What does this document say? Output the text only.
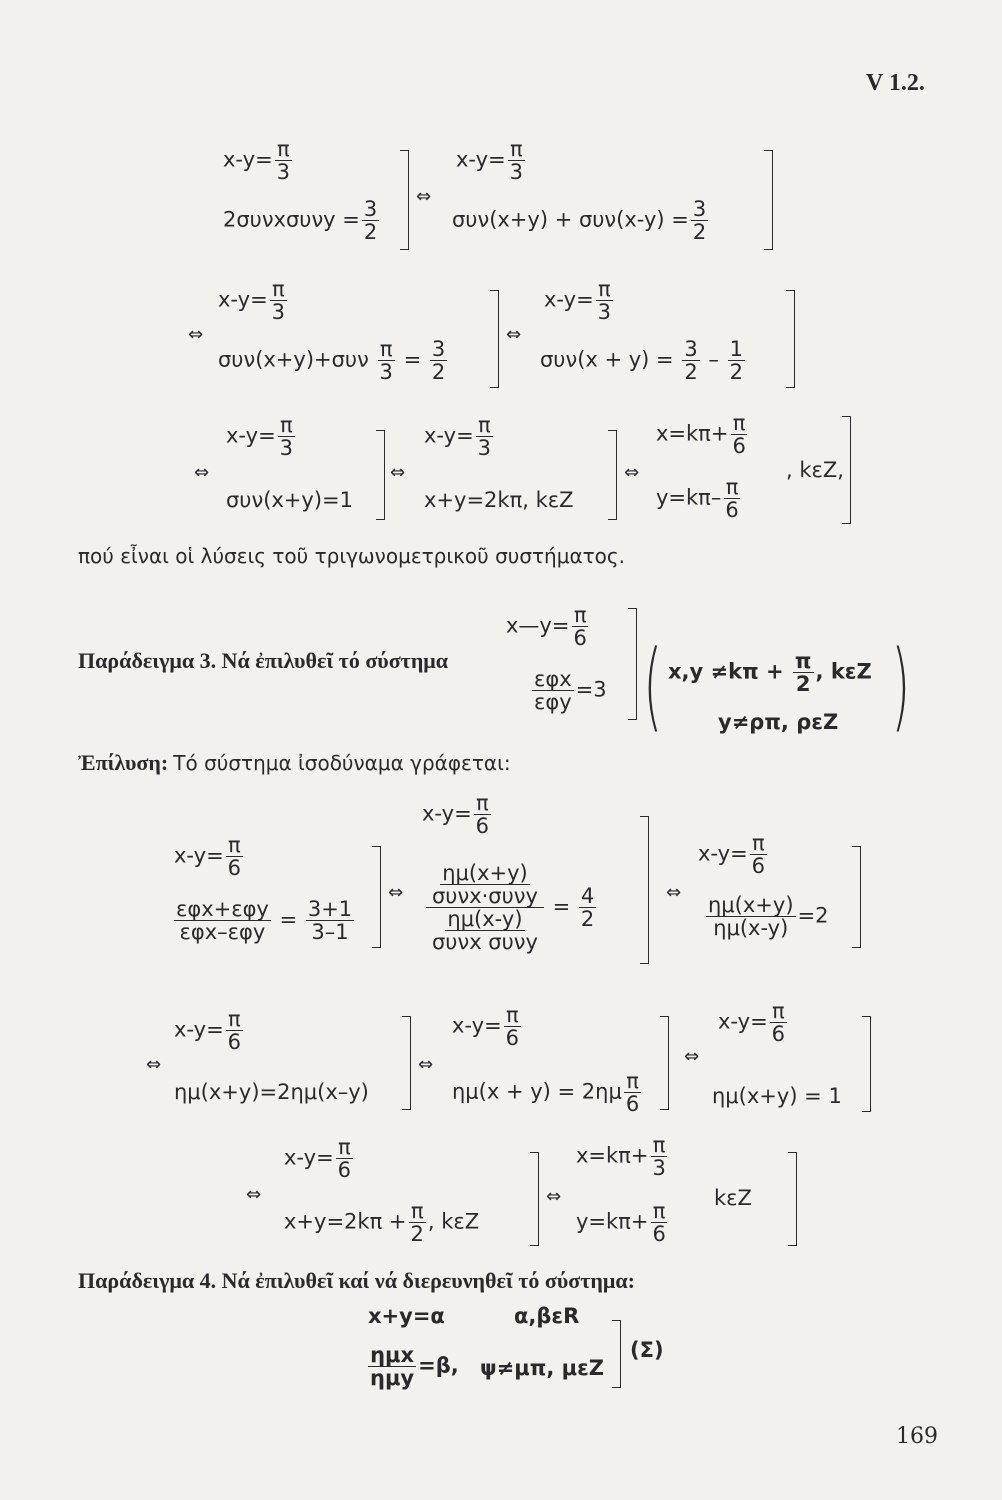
V 1.2.
$x-y= \frac{\pi}{3}$
$2\sigma\upsilon\nu x\sigma\upsilon\nu y = \frac{3}{2}$
⇔
$x-y= \frac{\pi}{3}$
$\sigma\upsilon\nu(x+y) + \sigma\upsilon\nu(x-y) = \frac{3}{2}$
⇔
$x-y= \frac{\pi}{3}$
$\sigma\upsilon\nu(x+y)+\sigma\upsilon\nu \frac{\pi}{3} = \frac{3}{2}$
⇔
$x-y= \frac{\pi}{3}$
$\sigma\upsilon\nu(x + y) = \frac{3}{2} - \frac{1}{2}$
⇔
$x-y= \frac{\pi}{3}$
συν(x+y)=1
⇔
$x-y= \frac{\pi}{3}$
x+y=2kπ, kεZ
⇔
$x=k\pi+ \frac{\pi}{6}$
$y=k\pi- \frac{\pi}{6}$
, kεZ,
πού εἶναι οἱ λύσεις τοῦ τριγωνομετρικοῦ συστήματος.
Παράδειγμα 3. Νά ἐπιλυθεῖ τό σύστημα
x—y= $\frac{\pi}{6}$
$\frac{\text{εφx}}{\text{εφy}} =3$ ( $x,y \ne k\pi + \frac{\pi}{2}$ , kεZ
y≠ρπ, ρεZ )
Ἐπίλυση: Τό σύστημα ἰσοδύναμα γράφεται:
$x-y= \frac{\pi}{6}$
$\frac{\text{εφx+εφy}}{\text{εφx–εφy}} = \frac{3+1}{3-1}$
⇔
$x-y= \frac{\pi}{6}$
$\frac{\frac{\eta\mu(x+y)}{\text{συνx·συνy}}}{\frac{\eta\mu(x-y)}{\text{συνx συνy}}} = \frac{4}{2}$	⇔
$x-y= \frac{\pi}{6}$
$\frac{\eta\mu(x+y)}{\eta\mu(x-y)} =2$
⇔
$x-y= \frac{\pi}{6}$
ημ(x+y)=2ημ(x–y)
⇔
$x-y= \frac{\pi}{6}$
$\eta\mu(x + y) = 2\eta\mu \frac{\pi}{6}$
⇔
$x-y= \frac{\pi}{6}$
ημ(x+y) = 1
⇔
$x-y= \frac{\pi}{6}$
$x+y=2k\pi + \frac{\pi}{2}$ , kεZ
⇔
$x=k\pi+ \frac{\pi}{3}$
$y=k\pi+ \frac{\pi}{6}$
kεZ
Παράδειγμα 4. Νά ἐπιλυθεῖ καί νά διερευνηθεῖ τό σύστημα:
x+y=α	α,βεR
$\frac{\text{ημx}}{\text{ημy}} =\beta$, ψ≠μπ, μεZ
(Σ)
169
